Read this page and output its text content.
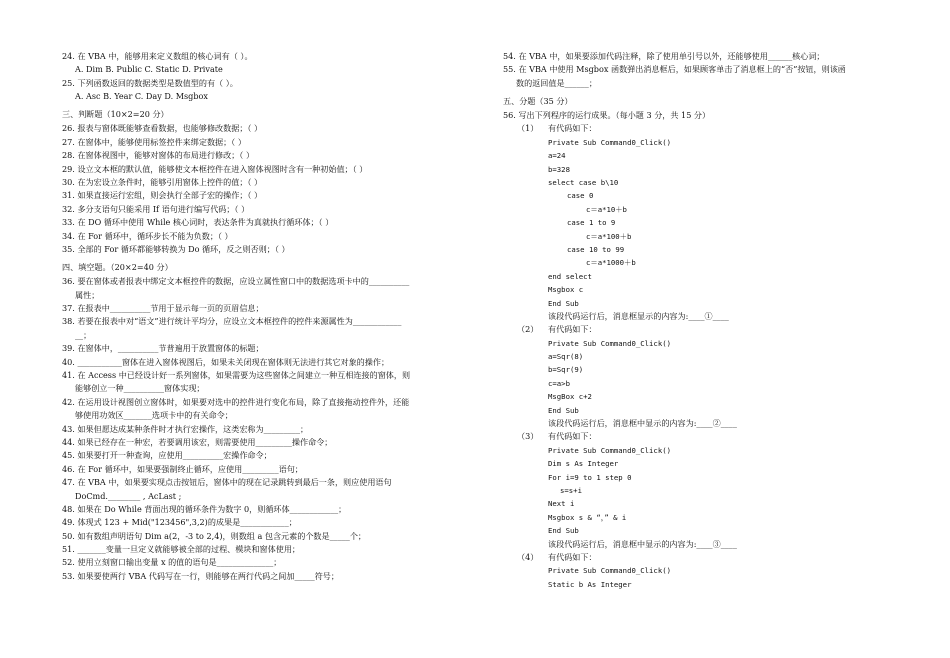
24. 在 VBA 中，能够用来定义数组的核心词有（ ）。
A. Dim B. Public C. Static D. Private
25. 下列函数返回的数据类型是数值型的有（ ）。
A. Asc B. Year C. Day D. Msgbox
三、判断题（10×2=20 分）
26. 报表与窗体既能够查看数据，也能够修改数据；（ ）
27. 在窗体中，能够使用标签控件来绑定数据；（ ）
28. 在窗体视图中，能够对窗体的布局进行修改；（ ）
29. 设立文本框的默认值，能够使文本框控件在进入窗体视图时含有一种初始值；（ ）
30. 在为宏设立条件时，能够引用窗体上控件的值；（ ）
31. 如果直接运行宏组，则会执行全部子宏的操作；（ ）
32. 多分支语句只能采用 If 语句进行编写代码；（ ）
33. 在 DO 循环中使用 While 核心词时，表达条件为真就执行循环体；（ ）
34. 在 For 循环中，循环步长不能为负数；（ ）
35. 全部的 For 循环都能够转换为 Do 循环，反之则否则；（ ）
四、填空题。（20×2=40 分）
36. 要在窗体或者报表中绑定文本框控件的数据，应设立属性窗口中的数据选项卡中的__________
属性；
37. 在报表中__________节用于显示每一页的页眉信息；
38. 若要在报表中对“语文”进行统计平均分，应设立文本框控件的控件来源属性为____________
__；
39. 在窗体中，__________节普遍用于放置窗体的标题；
40. ___________窗体在进入窗体视图后，如果未关闭现在窗体则无法进行其它对象的操作；
41. 在 Access 中已经设计好一系列窗体，如果需要为这些窗体之间建立一种互相连接的窗体，则
能够创立一种__________窗体实现；
42. 在运用设计视图创立窗体时，如果要对选中的控件进行变化布局，除了直接拖动控件外，还能
够使用功效区_______选项卡中的有关命令；
43. 如果但愿达成某种条件时才执行宏操作，这类宏称为_________；
44. 如果已经存在一种宏，若要调用该宏，则需要使用_________操作命令；
45. 如果要打开一种查询，应使用__________宏操作命令；
46. 在 For 循环中，如果要强制终止循环，应使用_________语句；
47. 在 VBA 中，如果要实现点击按钮后，窗体中的现在记录跳转到最后一条，则应使用语句
DoCmd.________ , AcLast ;
48. 如果在 Do While 背面出现的循环条件为数字 0，则循环体____________；
49. 体现式 123 + Mid("123456",3,2)的成果是____________；
50. 如有数组声明语句 Dim a(2，-3 to 2,4)，则数组 a 包含元素的个数是_____个；
51. _______变量一旦定义就能够被全部的过程、模块和窗体使用；
52. 使用立刻窗口输出变量 x 的值的语句是______________；
53. 如果要使两行 VBA 代码写在一行，则能够在两行代码之间加_____符号；
54. 在 VBA 中，如果要添加代码注释，除了使用单引号以外，还能够使用______核心词；
55. 在 VBA 中使用 Msgbox 函数弹出消息框后，如果顾客单击了消息框上的“否”按钮，则该函
数的返回值是______；
五、分题（35 分）
56. 写出下列程序的运行成果。（每小题 3 分，共 15 分）
（1） 有代码如下：
Private Sub Command0_Click()
a=24
b=328
select case b\10
case 0
c＝a*10＋b
case 1 to 9
c＝a*100＋b
case 10 to 99
c＝a*1000＋b
end select
Msgbox c
End Sub
该段代码运行后，消息框显示的内容为:____①____
（2） 有代码如下：
Private Sub Command0_Click()
a=Sqr(8)
b=Sqr(9)
c=a>b
MsgBox c+2
End Sub
该段代码运行后，消息框中显示的内容为:____②____
（3） 有代码如下：
Private Sub Command0_Click()
Dim s As Integer
For i=9 to 1 step 0
s=s+i
Next i
Msgbox s & “，” & i
End Sub
该段代码运行后，消息框中显示的内容为:____③____
（4） 有代码如下：
Private Sub Command0_Click()
Static b As Integer
